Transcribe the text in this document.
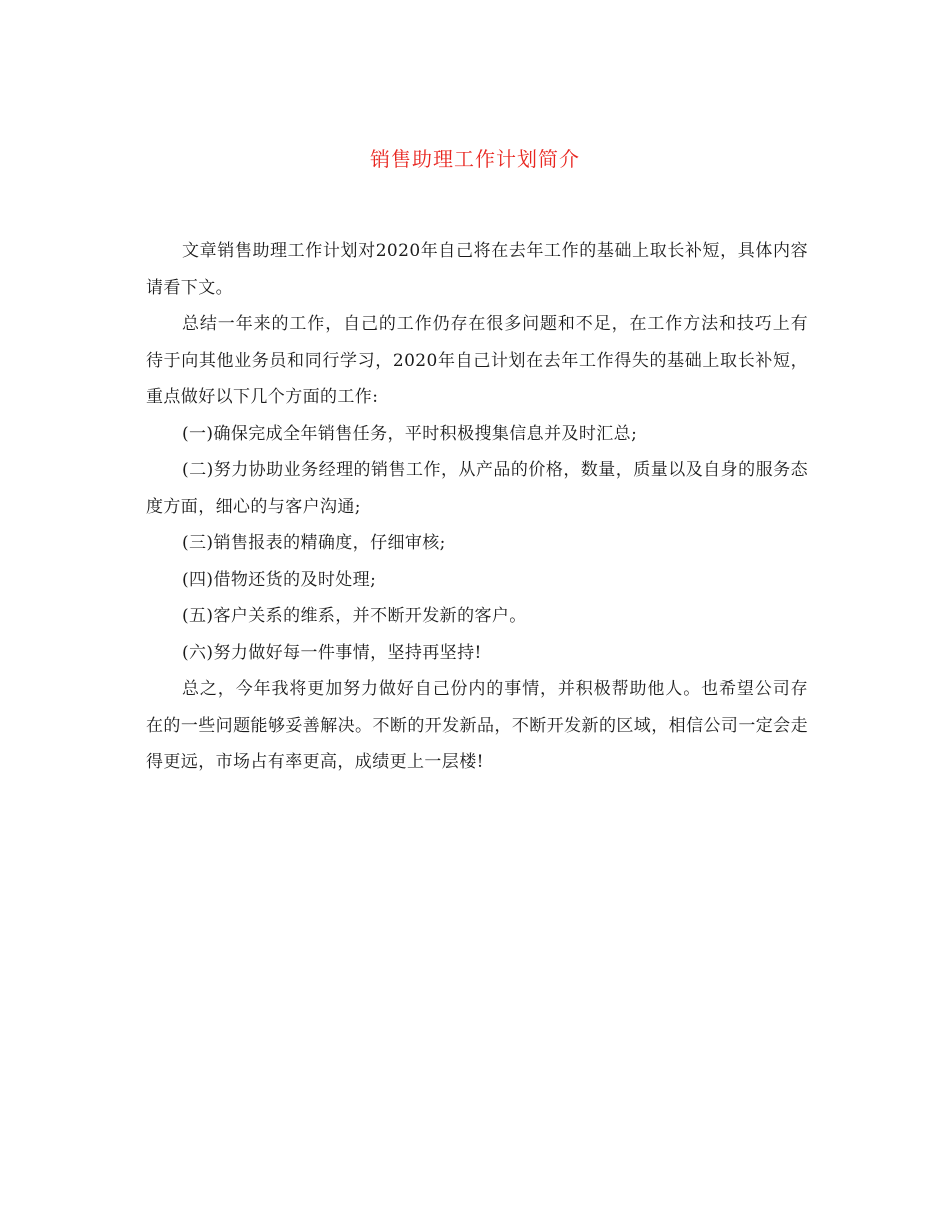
销售助理工作计划简介

文章销售助理工作计划对2020年自己将在去年工作的基础上取长补短，具体内容请看下文。

总结一年来的工作，自己的工作仍存在很多问题和不足，在工作方法和技巧上有待于向其他业务员和同行学习，2020年自己计划在去年工作得失的基础上取长补短，重点做好以下几个方面的工作:

(一)确保完成全年销售任务，平时积极搜集信息并及时汇总;

(二)努力协助业务经理的销售工作，从产品的价格，数量，质量以及自身的服务态度方面，细心的与客户沟通;

(三)销售报表的精确度，仔细审核;

(四)借物还货的及时处理;

(五)客户关系的维系，并不断开发新的客户。

(六)努力做好每一件事情，坚持再坚持!

总之，今年我将更加努力做好自己份内的事情，并积极帮助他人。也希望公司存在的一些问题能够妥善解决。不断的开发新品，不断开发新的区域，相信公司一定会走得更远，市场占有率更高，成绩更上一层楼!
